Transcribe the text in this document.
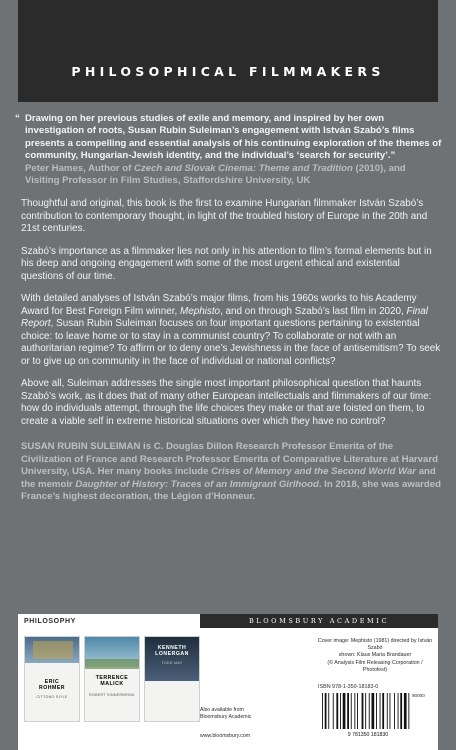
PHILOSOPHICAL FILMMAKERS
“ Drawing on her previous studies of exile and memory, and inspired by her own investigation of roots, Susan Rubin Suleiman’s engagement with István Szabó’s films presents a compelling and essential analysis of his continuing exploration of the themes of community, Hungarian-Jewish identity, and the individual’s ‘search for security’.”
Peter Hames, Author of Czech and Slovak Cinema: Theme and Tradition (2010), and Visiting Professor in Film Studies, Staffordshire University, UK

Thoughtful and original, this book is the first to examine Hungarian filmmaker István Szabó’s contribution to contemporary thought, in light of the troubled history of Europe in the 20th and 21st centuries.

Szabó’s importance as a filmmaker lies not only in his attention to film’s formal elements but in his deep and ongoing engagement with some of the most urgent ethical and existential questions of our time.

With detailed analyses of István Szabó’s major films, from his 1960s works to his Academy Award for Best Foreign Film winner, Mephisto, and on through Szabó’s last film in 2020, Final Report, Susan Rubin Suleiman focuses on four important questions pertaining to existential choice: to leave home or to stay in a communist country? To collaborate or not with an authoritarian regime? To affirm or to deny one’s Jewishness in the face of antisemitism? To seek or to give up on community in the face of individual or national conflicts?

Above all, Suleiman addresses the single most important philosophical question that haunts Szabó’s work, as it does that of many other European intellectuals and filmmakers of our time: how do individuals attempt, through the life choices they make or that are foisted on them, to create a viable self in extreme historical situations over which they have no control?

SUSAN RUBIN SULEIMAN is C. Douglas Dillon Research Professor Emerita of the Civilization of France and Research Professor Emerita of Comparative Literature at Harvard University, USA. Her many books include Crises of Memory and the Second World War and the memoir Daughter of History: Traces of an Immigrant Girlhood. In 2018, she was awarded France’s highest decoration, the Légion d’Honneur.

PHILOSOPHY	BLOOMSBURY ACADEMIC
ERIC
ROHMER
CITTONO SIYLE
TERRENCE
MALICK
ROBERT SINNERBRINK
KENNETH
LONERGAN
TODD MAY
Also available from
Bloomsbury Academic
www.bloomsbury.com
Cover image: Mephisto (1981) directed by István Szabó
shown: Klaus Maria Brandauer
(© Analysis Film Releasing Corporation / Photofest)
ISBN 978-1-350-18183-0
90000
9 781350 181830
